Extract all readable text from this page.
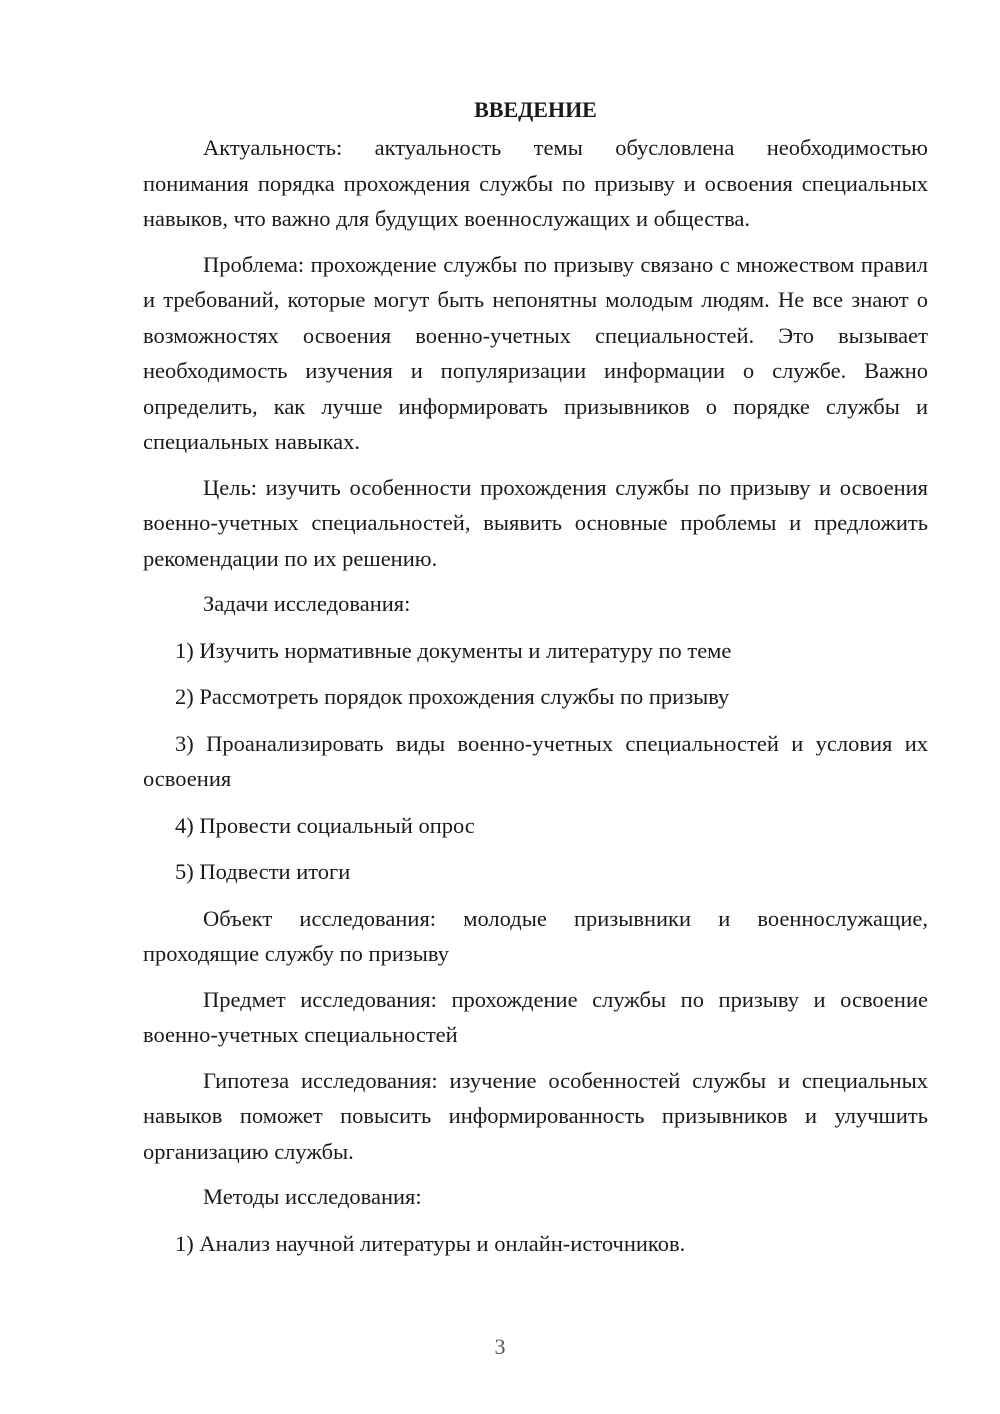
ВВЕДЕНИЕ

Актуальность: актуальность темы обусловлена необходимостью понимания порядка прохождения службы по призыву и освоения специальных навыков, что важно для будущих военнослужащих и общества.

Проблема: прохождение службы по призыву связано с множеством правил и требований, которые могут быть непонятны молодым людям. Не все знают о возможностях освоения военно-учетных специальностей. Это вызывает необходимость изучения и популяризации информации о службе. Важно определить, как лучше информировать призывников о порядке службы и специальных навыках.

Цель: изучить особенности прохождения службы по призыву и освоения военно-учетных специальностей, выявить основные проблемы и предложить рекомендации по их решению.

Задачи исследования:

1) Изучить нормативные документы и литературу по теме

2) Рассмотреть порядок прохождения службы по призыву

3) Проанализировать виды военно-учетных специальностей и условия их освоения

4) Провести социальный опрос

5) Подвести итоги

Объект исследования: молодые призывники и военнослужащие, проходящие службу по призыву

Предмет исследования: прохождение службы по призыву и освоение военно-учетных специальностей

Гипотеза исследования: изучение особенностей службы и специальных навыков поможет повысить информированность призывников и улучшить организацию службы.

Методы исследования:

1) Анализ научной литературы и онлайн-источников.

3
